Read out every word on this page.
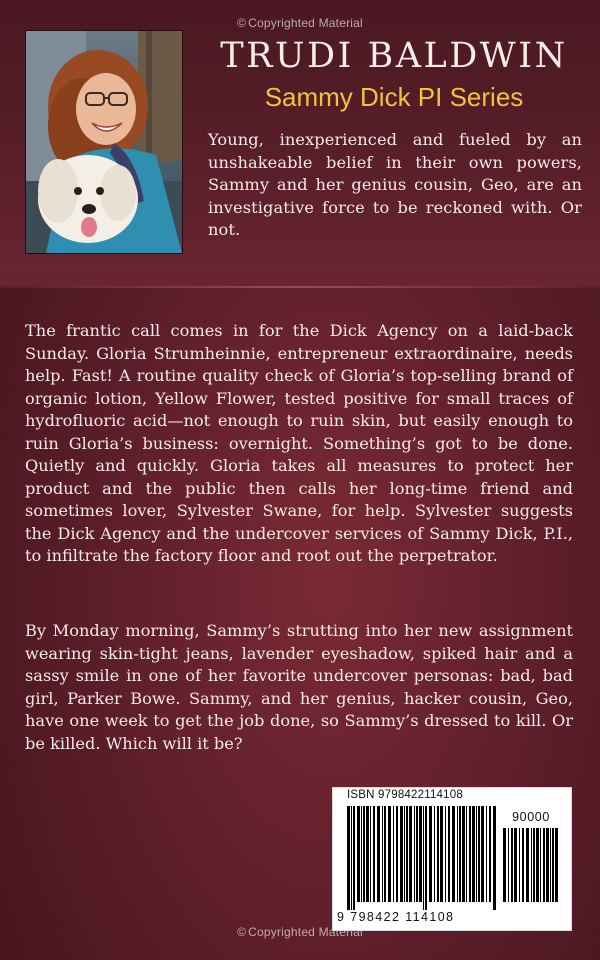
© Copyrighted Material
TRUDI BALDWIN
Sammy Dick PI Series
Young, inexperienced and fueled by an unshakeable belief in their own powers, Sammy and her genius cousin, Geo, are an investigative force to be reckoned with. Or not.
The frantic call comes in for the Dick Agency on a laid-back Sunday. Gloria Strumheinnie, entrepreneur extraordinaire, needs help. Fast! A routine quality check of Gloria’s top-selling brand of organic lotion, Yellow Flower, tested positive for small traces of hydrofluoric acid—not enough to ruin skin, but easily enough to ruin Gloria’s business: overnight. Something’s got to be done. Quietly and quickly. Gloria takes all measures to protect her product and the public then calls her long-time friend and sometimes lover, Sylvester Swane, for help. Sylvester suggests the Dick Agency and the undercover services of Sammy Dick, P.I., to infiltrate the factory floor and root out the perpetrator.
By Monday morning, Sammy’s strutting into her new assignment wearing skin-tight jeans, lavender eyeshadow, spiked hair and a sassy smile in one of her favorite undercover personas: bad, bad girl, Parker Bowe. Sammy, and her genius, hacker cousin, Geo, have one week to get the job done, so Sammy’s dressed to kill. Or be killed. Which will it be?
ISBN 9798422114108
90000
9 798422 114108
© Copyrighted Material
